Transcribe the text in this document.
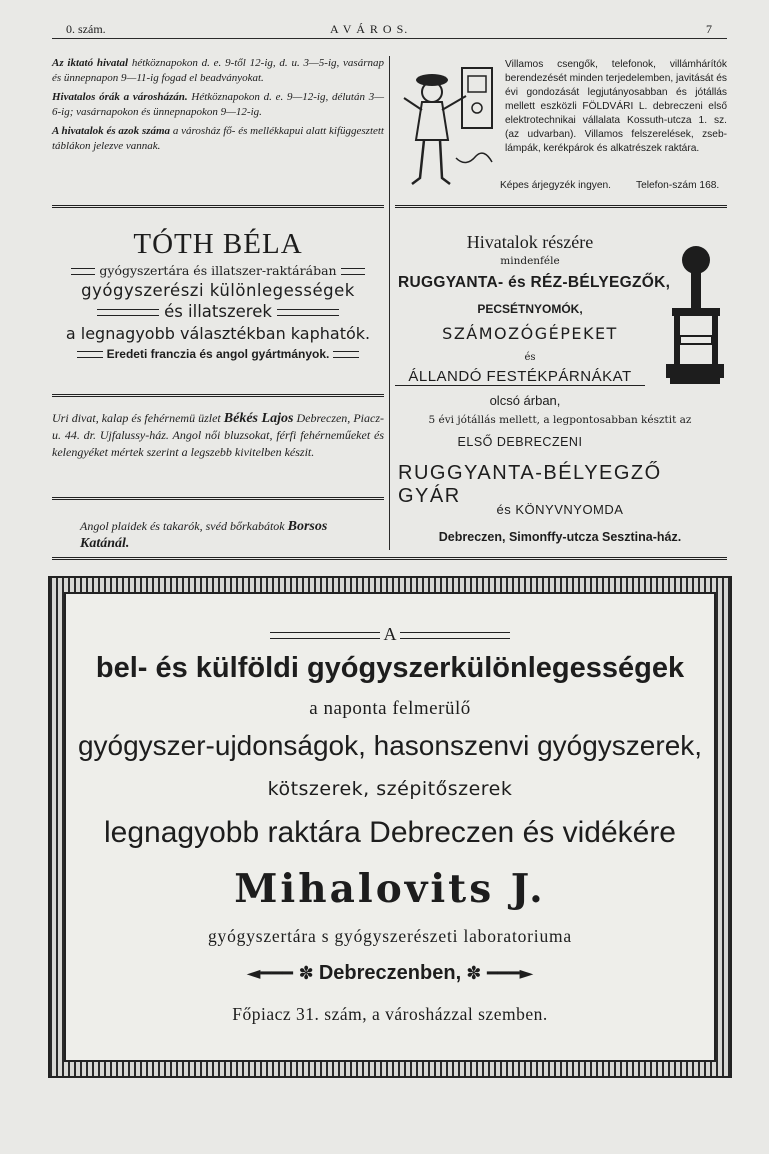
0. szám.	A V Á R O S.	7
Az iktató hivatal hétköznapokon d. e. 9-től 12-ig, d. u. 3—5-ig, vasárnap és ünnepnapon 9—11-ig fogad el beadványokat.
Hivatalos órák a városházán. Hétköznapokon d. e. 9—12-ig, délután 3—6-ig; vasárnapokon és ünnepnapokon 9—12-ig.
A hivatalok és azok száma a városház fő- és mellékkapui alatt kifüggesztett táblákon jelezve vannak.
Villamos csengők, telefonok, villámhárítók berendezését minden terjedelemben, javitását és évi gondozását legjutányosabban és jótállás mellett eszközli FÖLDVÁRI L. debreczeni első elektrotechnikai vállalata Kossuth-utcza 1. sz. (az udvarban). Villamos felszerelések, zseb-lámpák, kerékpárok és alkatrészek raktára.
Képes árjegyzék ingyen. Telefon-szám 168.
TÓTH BÉLA
gyógyszertára és illatszer-raktárában
gyógyszerészi különlegességek
és illatszerek
a legnagyobb választékban kaphatók.
Eredeti franczia és angol gyártmányok.
Uri divat, kalap és fehérnemü üzlet Békés Lajos Debreczen, Piacz-u. 44. dr. Ujfalussy-ház. Angol női bluzsokat, férfi fehérneműeket és kelengyéket mértek szerint a legszebb kivitelben készit.
Angol plaidek és takarók, svéd bőrkabátok Borsos Katánál.
Hivatalok részére
mindenféle
RUGGYANTA- és RÉZ-BÉLYEGZŐK,
PECSÉTNYOMÓK,
SZÁMOZÓGÉPEKET
és
ÁLLANDÓ FESTÉKPÁRNÁKAT
olcsó árban,
5 évi jótállás mellett, a legpontosabban késztit az
ELSŐ DEBRECZENI
RUGGYANTA-BÉLYEGZŐ GYÁR
és KÖNYVNYOMDA
Debreczen, Simonffy-utcza Sesztina-ház.
A
bel- és külföldi gyógyszerkülönlegességek
a naponta felmerülő
gyógyszer-ujdonságok, hasonszenvi gyógyszerek,
kötszerek, szépitőszerek
legnagyobb raktára Debreczen és vidékére
Mihalovits J.
gyógyszertára s gyógyszerészeti laboratoriuma
◄━━━ ✽ Debreczenben, ✽ ━━━►
Főpiacz 31. szám, a városházzal szemben.
